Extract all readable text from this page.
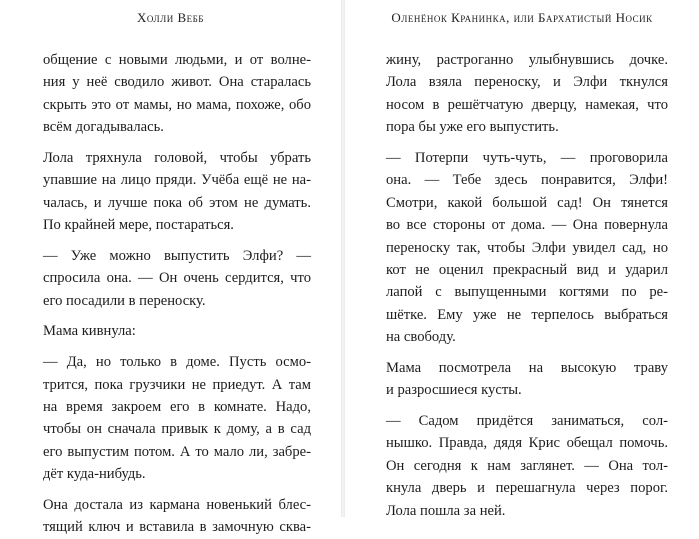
Холли Вебб
общение с новыми людьми, и от волне-
ния у неё сводило живот. Она старалась
скрыть это от мамы, но мама, похоже, обо
всём догадывалась.
Лола тряхнула головой, чтобы убрать
упавшие на лицо пряди. Учёба ещё не на-
чалась, и лучше пока об этом не думать.
По крайней мере, постараться.
— Уже можно выпустить Элфи? —
спросила она. — Он очень сердится, что
его посадили в переноску.
Мама кивнула:
— Да, но только в доме. Пусть осмо-
трится, пока грузчики не приедут. А там
на время закроем его в комнате. Надо,
чтобы он сначала привык к дому, а в сад
его выпустим потом. А то мало ли, забре-
дёт куда-нибудь.
Она достала из кармана новенький блес-
тящий ключ и вставила в замочную сква-
Оленёнок Кранинка, или Бархатистый Носик
жину, растроганно улыбнувшись дочке.
Лола взяла переноску, и Элфи ткнулся
носом в решётчатую дверцу, намекая, что
пора бы уже его выпустить.
— Потерпи чуть-чуть, — проговорила
она. — Тебе здесь понравится, Элфи!
Смотри, какой большой сад! Он тянется
во все стороны от дома. — Она повернула
переноску так, чтобы Элфи увидел сад, но
кот не оценил прекрасный вид и ударил
лапой с выпущенными когтями по ре-
шётке. Ему уже не терпелось выбраться
на свободу.
Мама посмотрела на высокую траву
и разросшиеся кусты.
— Садом придётся заниматься, сол-
нышко. Правда, дядя Крис обещал помочь.
Он сегодня к нам заглянет. — Она тол-
кнула дверь и перешагнула через порог.
Лола пошла за ней.
